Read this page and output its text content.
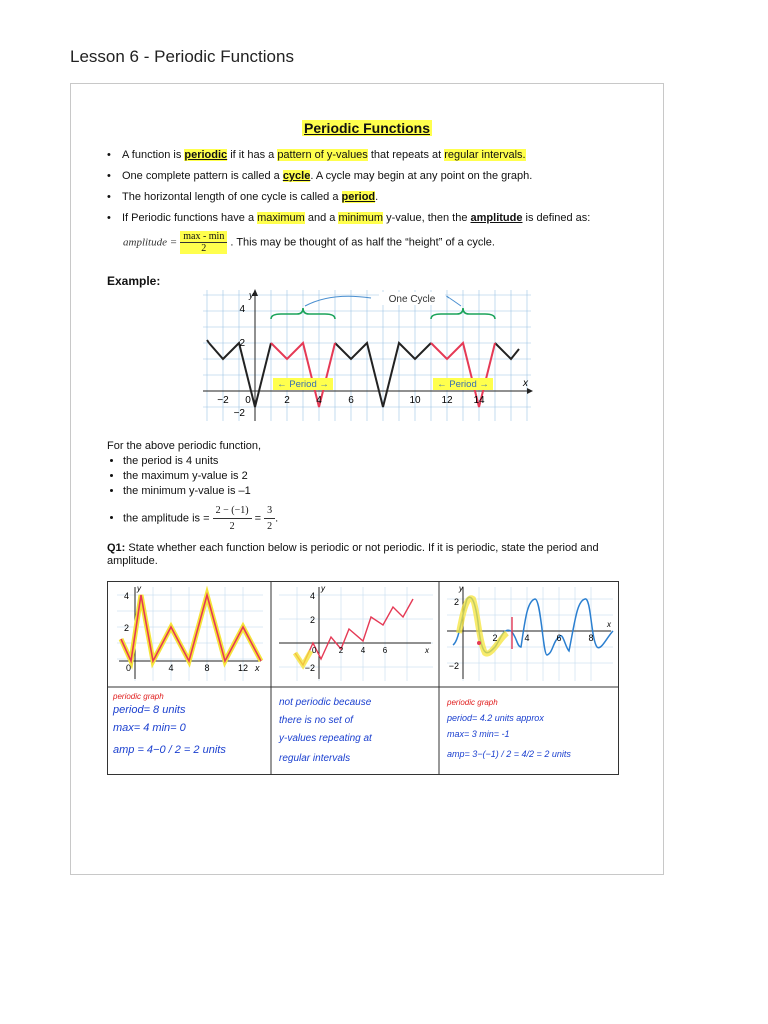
Lesson 6 - Periodic Functions
Periodic Functions
• A function is periodic if it has a pattern of y-values that repeats at regular intervals.
• One complete pattern is called a cycle. A cycle may begin at any point on the graph.
• The horizontal length of one cycle is called a period.
• If Periodic functions have a maximum and a minimum y-value, then the amplitude is defined as:
amplitude = $\frac{\max - \min}{2}$ . This may be thought of as half the “height” of a cycle.
Example:
One Cycle
← Period →	← Period →
y
x
4
2
−2
−2 0	2	4	6	10 12 14
For the above periodic function,
• the period is 4 units
• the maximum y-value is 2
• the minimum y-value is –1
• the amplitude is = $\frac{2 - (-1)}{2} = \frac{3}{2}$ .
Q1: State whether each function below is periodic or not periodic. If it is periodic, state the period and amplitude.
4
2
0	4	8	12 x
y
4
2
−2
0	2 4 6	x
y
2
−2
2	4	6	8
x
y
periodic graph
period= 8 units
max= 4 min= 0
amp = 4−0 / 2 = 2 units
not periodic because
there is no set of
y-values repeating at
regular intervals
periodic graph
period= 4.2 units approx
max= 3 min= -1
amp= 3−(−1) / 2 = 4/2 = 2 units
